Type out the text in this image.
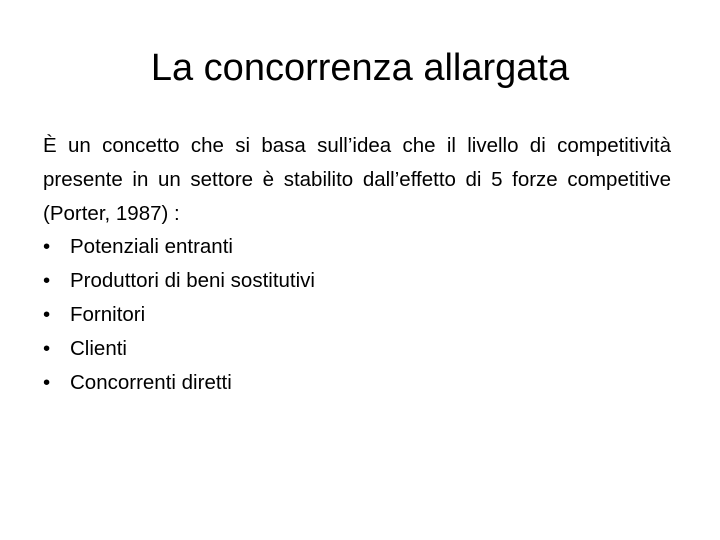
La concorrenza allargata

È un concetto che si basa sull’idea che il livello di competitività presente in un settore è stabilito dall’effetto di 5 forze competitive (Porter, 1987) :

• Potenziali entranti
• Produttori di beni sostitutivi
• Fornitori
• Clienti
• Concorrenti diretti
